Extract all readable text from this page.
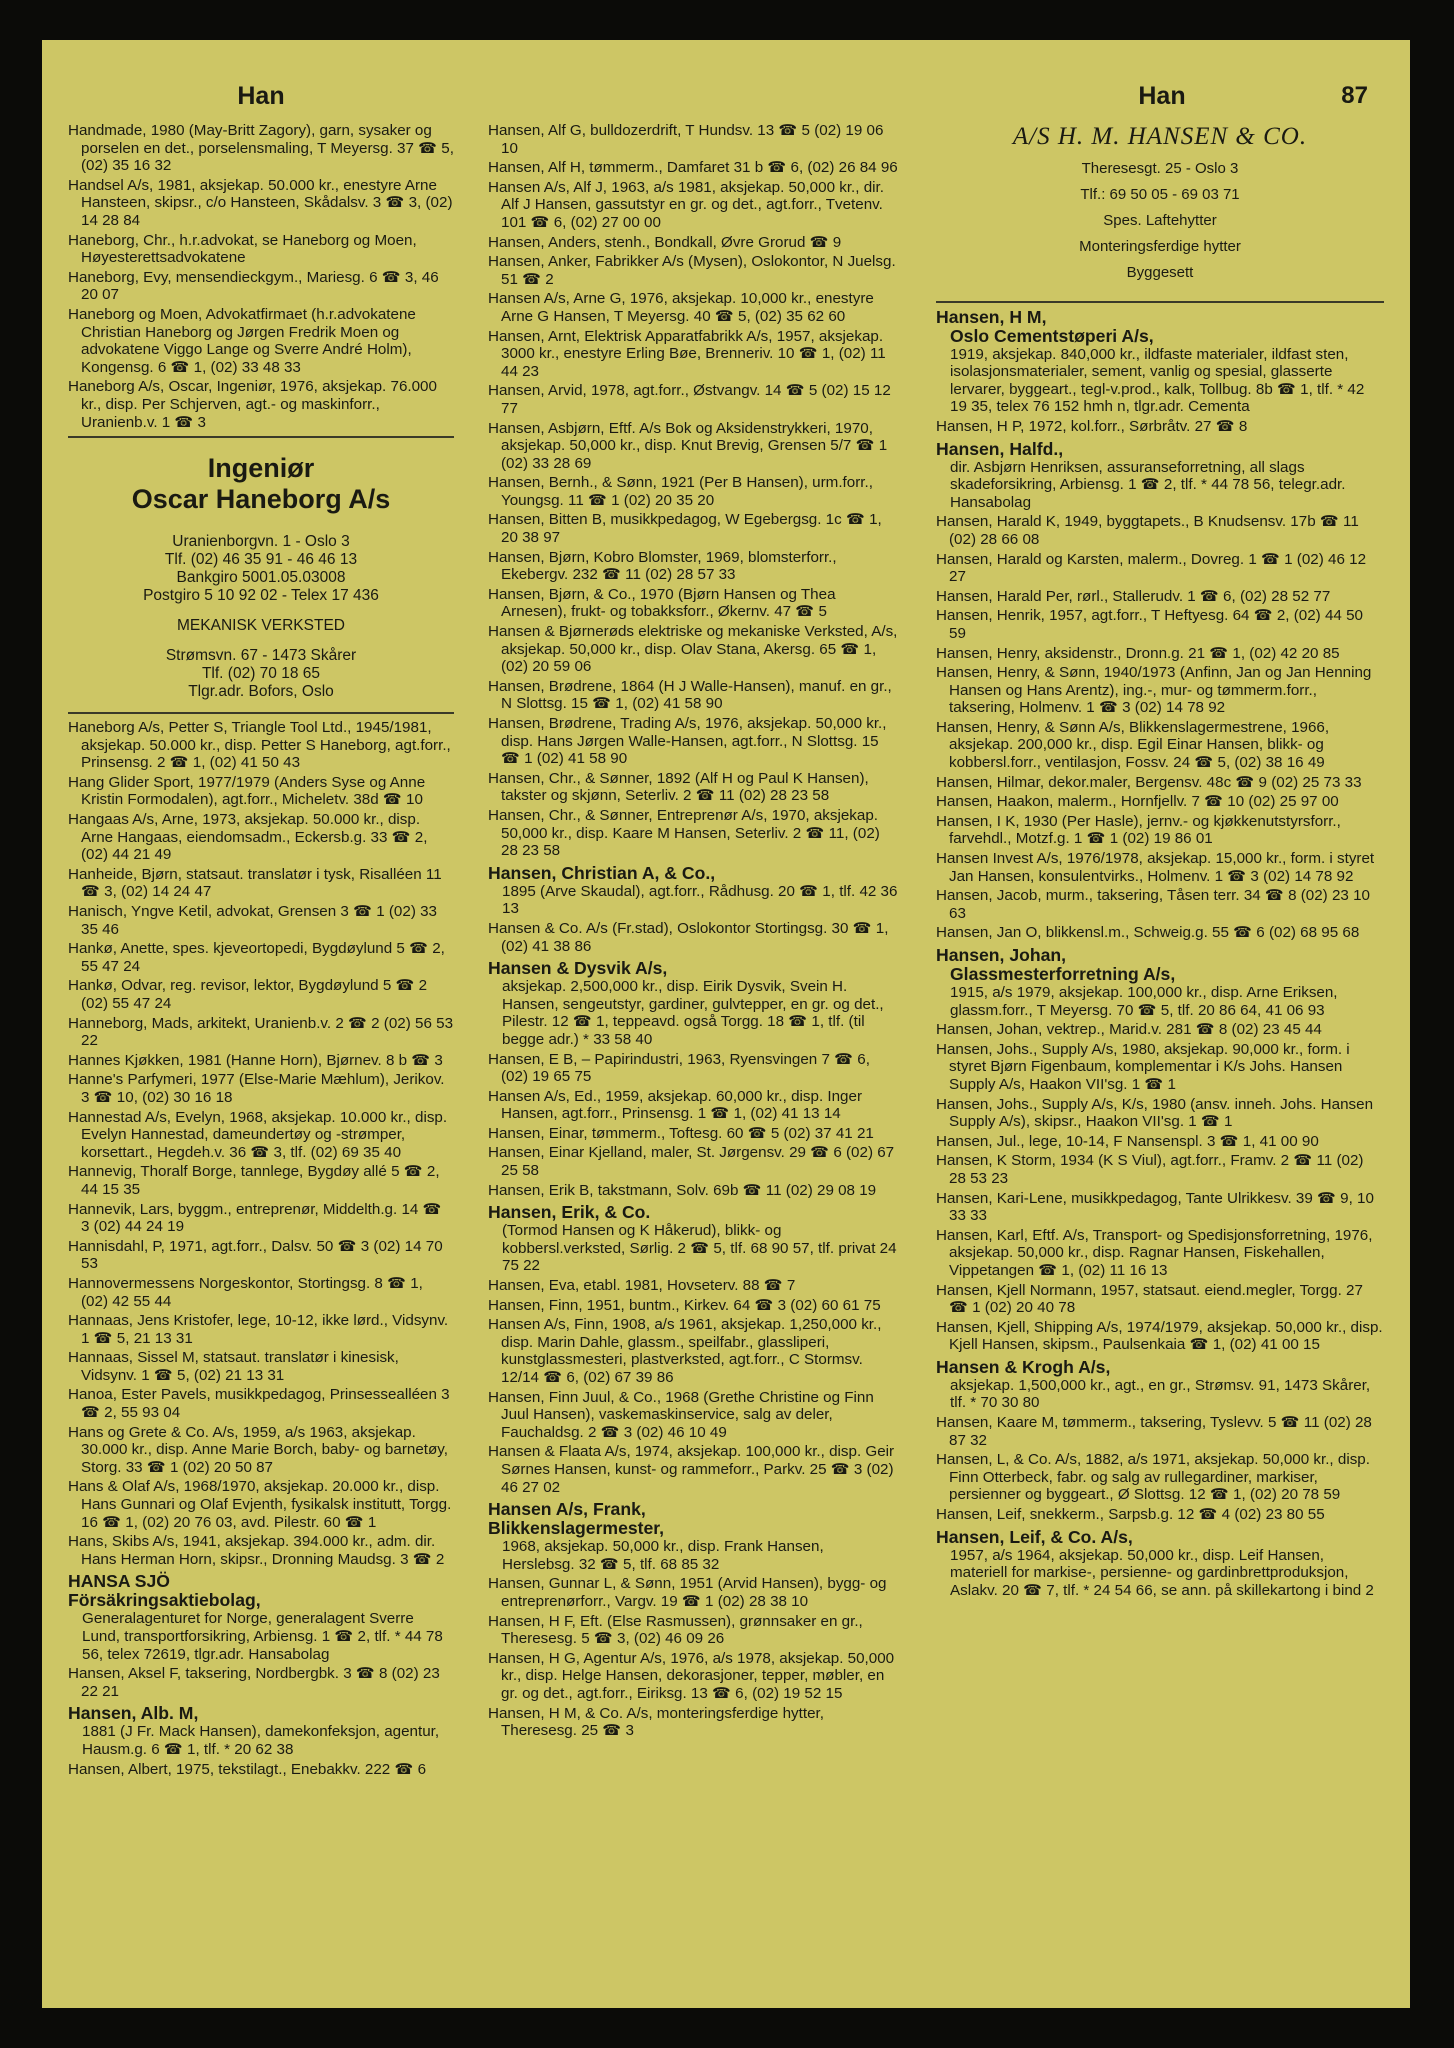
Han	Han	87
Handmade, 1980 (May-Britt Zagory), garn, sysaker og porselen en det., porselensmaling, T Meyersg. 37 ☎ 5, (02) 35 16 32
Handsel A/s, 1981, aksjekap. 50.000 kr., enestyre Arne Hansteen, skipsr., c/o Hansteen, Skådalsv. 3 ☎ 3, (02) 14 28 84
Haneborg, Chr., h.r.advokat, se Haneborg og Moen, Høyesterettsadvokatene
Haneborg, Evy, mensendieckgym., Mariesg. 6 ☎ 3, 46 20 07
Haneborg og Moen, Advokatfirmaet (h.r.advokatene Christian Haneborg og Jørgen Fredrik Moen og advokatene Viggo Lange og Sverre André Holm), Kongensg. 6 ☎ 1, (02) 33 48 33
Haneborg A/s, Oscar, Ingeniør, 1976, aksjekap. 76.000 kr., disp. Per Schjerven, agt.- og maskinforr., Uranienb.v. 1 ☎ 3
Ingeniør
Oscar Haneborg A/s
Uranienborgvn. 1 - Oslo 3
Tlf. (02) 46 35 91 - 46 46 13
Bankgiro 5001.05.03008
Postgiro 5 10 92 02 - Telex 17 436
MEKANISK VERKSTED
Strømsvn. 67 - 1473 Skårer
Tlf. (02) 70 18 65
Tlgr.adr. Bofors, Oslo
Haneborg A/s, Petter S, Triangle Tool Ltd., 1945/1981, aksjekap. 50.000 kr., disp. Petter S Haneborg, agt.forr., Prinsensg. 2 ☎ 1, (02) 41 50 43
Hang Glider Sport, 1977/1979 (Anders Syse og Anne Kristin Formodalen), agt.forr., Micheletv. 38d ☎ 10
Hangaas A/s, Arne, 1973, aksjekap. 50.000 kr., disp. Arne Hangaas, eiendomsadm., Eckersb.g. 33 ☎ 2, (02) 44 21 49
Hanheide, Bjørn, statsaut. translatør i tysk, Risalléen 11 ☎ 3, (02) 14 24 47
Hanisch, Yngve Ketil, advokat, Grensen 3 ☎ 1 (02) 33 35 46
Hankø, Anette, spes. kjeveortopedi, Bygdøylund 5 ☎ 2, 55 47 24
Hankø, Odvar, reg. revisor, lektor, Bygdøylund 5 ☎ 2 (02) 55 47 24
Hanneborg, Mads, arkitekt, Uranienb.v. 2 ☎ 2 (02) 56 53 22
Hannes Kjøkken, 1981 (Hanne Horn), Bjørnev. 8 b ☎ 3
Hanne's Parfymeri, 1977 (Else-Marie Mæhlum), Jerikov. 3 ☎ 10, (02) 30 16 18
Hannestad A/s, Evelyn, 1968, aksjekap. 10.000 kr., disp. Evelyn Hannestad, dameundertøy og -strømper, korsettart., Hegdeh.v. 36 ☎ 3, tlf. (02) 69 35 40
Hannevig, Thoralf Borge, tannlege, Bygdøy allé 5 ☎ 2, 44 15 35
Hannevik, Lars, byggm., entreprenør, Middelth.g. 14 ☎ 3 (02) 44 24 19
Hannisdahl, P, 1971, agt.forr., Dalsv. 50 ☎ 3 (02) 14 70 53
Hannovermessens Norgeskontor, Stortingsg. 8 ☎ 1, (02) 42 55 44
Hannaas, Jens Kristofer, lege, 10-12, ikke lørd., Vidsynv. 1 ☎ 5, 21 13 31
Hannaas, Sissel M, statsaut. translatør i kinesisk, Vidsynv. 1 ☎ 5, (02) 21 13 31
Hanoa, Ester Pavels, musikkpedagog, Prinsessealléen 3 ☎ 2, 55 93 04
Hans og Grete & Co. A/s, 1959, a/s 1963, aksjekap. 30.000 kr., disp. Anne Marie Borch, baby- og barnetøy, Storg. 33 ☎ 1 (02) 20 50 87
Hans & Olaf A/s, 1968/1970, aksjekap. 20.000 kr., disp. Hans Gunnari og Olaf Evjenth, fysikalsk institutt, Torgg. 16 ☎ 1, (02) 20 76 03, avd. Pilestr. 60 ☎ 1
Hans, Skibs A/s, 1941, aksjekap. 394.000 kr., adm. dir. Hans Herman Horn, skipsr., Dronning Maudsg. 3 ☎ 2
HANSA SJÖ
Försäkringsaktiebolag,
Generalagenturet for Norge, generalagent Sverre Lund, transportforsikring, Arbiensg. 1 ☎ 2, tlf. * 44 78 56, telex 72619, tlgr.adr. Hansabolag
Hansen, Aksel F, taksering, Nordbergbk. 3 ☎ 8 (02) 23 22 21
Hansen, Alb. M,
1881 (J Fr. Mack Hansen), damekonfeksjon, agentur, Hausm.g. 6 ☎ 1, tlf. * 20 62 38
Hansen, Albert, 1975, tekstilagt., Enebakkv. 222 ☎ 6
Hansen, Alf G, bulldozerdrift, T Hundsv. 13 ☎ 5 (02) 19 06 10
Hansen, Alf H, tømmerm., Damfaret 31 b ☎ 6, (02) 26 84 96
Hansen A/s, Alf J, 1963, a/s 1981, aksjekap. 50,000 kr., dir. Alf J Hansen, gassutstyr en gr. og det., agt.forr., Tvetenv. 101 ☎ 6, (02) 27 00 00
Hansen, Anders, stenh., Bondkall, Øvre Grorud ☎ 9
Hansen, Anker, Fabrikker A/s (Mysen), Oslokontor, N Juelsg. 51 ☎ 2
Hansen A/s, Arne G, 1976, aksjekap. 10,000 kr., enestyre Arne G Hansen, T Meyersg. 40 ☎ 5, (02) 35 62 60
Hansen, Arnt, Elektrisk Apparatfabrikk A/s, 1957, aksjekap. 3000 kr., enestyre Erling Bøe, Brenneriv. 10 ☎ 1, (02) 11 44 23
Hansen, Arvid, 1978, agt.forr., Østvangv. 14 ☎ 5 (02) 15 12 77
Hansen, Asbjørn, Eftf. A/s Bok og Aksidenstrykkeri, 1970, aksjekap. 50,000 kr., disp. Knut Brevig, Grensen 5/7 ☎ 1 (02) 33 28 69
Hansen, Bernh., & Sønn, 1921 (Per B Hansen), urm.forr., Youngsg. 11 ☎ 1 (02) 20 35 20
Hansen, Bitten B, musikkpedagog, W Egebergsg. 1c ☎ 1, 20 38 97
Hansen, Bjørn, Kobro Blomster, 1969, blomsterforr., Ekebergv. 232 ☎ 11 (02) 28 57 33
Hansen, Bjørn, & Co., 1970 (Bjørn Hansen og Thea Arnesen), frukt- og tobakksforr., Økernv. 47 ☎ 5
Hansen & Bjørnerøds elektriske og mekaniske Verksted, A/s, aksjekap. 50,000 kr., disp. Olav Stana, Akersg. 65 ☎ 1, (02) 20 59 06
Hansen, Brødrene, 1864 (H J Walle-Hansen), manuf. en gr., N Slottsg. 15 ☎ 1, (02) 41 58 90
Hansen, Brødrene, Trading A/s, 1976, aksjekap. 50,000 kr., disp. Hans Jørgen Walle-Hansen, agt.forr., N Slottsg. 15 ☎ 1 (02) 41 58 90
Hansen, Chr., & Sønner, 1892 (Alf H og Paul K Hansen), takster og skjønn, Seterliv. 2 ☎ 11 (02) 28 23 58
Hansen, Chr., & Sønner, Entreprenør A/s, 1970, aksjekap. 50,000 kr., disp. Kaare M Hansen, Seterliv. 2 ☎ 11, (02) 28 23 58
Hansen, Christian A, & Co.,
1895 (Arve Skaudal), agt.forr., Rådhusg. 20 ☎ 1, tlf. 42 36 13
Hansen & Co. A/s (Fr.stad), Oslokontor Stortingsg. 30 ☎ 1, (02) 41 38 86
Hansen & Dysvik A/s,
aksjekap. 2,500,000 kr., disp. Eirik Dysvik, Svein H. Hansen, sengeutstyr, gardiner, gulvtepper, en gr. og det., Pilestr. 12 ☎ 1, teppeavd. også Torgg. 18 ☎ 1, tlf. (til begge adr.) * 33 58 40
Hansen, E B, – Papirindustri, 1963, Ryensvingen 7 ☎ 6, (02) 19 65 75
Hansen A/s, Ed., 1959, aksjekap. 60,000 kr., disp. Inger Hansen, agt.forr., Prinsensg. 1 ☎ 1, (02) 41 13 14
Hansen, Einar, tømmerm., Toftesg. 60 ☎ 5 (02) 37 41 21
Hansen, Einar Kjelland, maler, St. Jørgensv. 29 ☎ 6 (02) 67 25 58
Hansen, Erik B, takstmann, Solv. 69b ☎ 11 (02) 29 08 19
Hansen, Erik, & Co.
(Tormod Hansen og K Håkerud), blikk- og kobbersl.verksted, Sørlig. 2 ☎ 5, tlf. 68 90 57, tlf. privat 24 75 22
Hansen, Eva, etabl. 1981, Hovseterv. 88 ☎ 7
Hansen, Finn, 1951, buntm., Kirkev. 64 ☎ 3 (02) 60 61 75
Hansen A/s, Finn, 1908, a/s 1961, aksjekap. 1,250,000 kr., disp. Marin Dahle, glassm., speilfabr., glassliperi, kunstglassmesteri, plastverksted, agt.forr., C Stormsv. 12/14 ☎ 6, (02) 67 39 86
Hansen, Finn Juul, & Co., 1968 (Grethe Christine og Finn Juul Hansen), vaskemaskinservice, salg av deler, Fauchaldsg. 2 ☎ 3 (02) 46 10 49
Hansen & Flaata A/s, 1974, aksjekap. 100,000 kr., disp. Geir Sørnes Hansen, kunst- og rammeforr., Parkv. 25 ☎ 3 (02) 46 27 02
Hansen A/s, Frank,
Blikkenslagermester,
1968, aksjekap. 50,000 kr., disp. Frank Hansen, Herslebsg. 32 ☎ 5, tlf. 68 85 32
Hansen, Gunnar L, & Sønn, 1951 (Arvid Hansen), bygg- og entreprenørforr., Vargv. 19 ☎ 1 (02) 28 38 10
Hansen, H F, Eft. (Else Rasmussen), grønnsaker en gr., Theresesg. 5 ☎ 3, (02) 46 09 26
Hansen, H G, Agentur A/s, 1976, a/s 1978, aksjekap. 50,000 kr., disp. Helge Hansen, dekorasjoner, tepper, møbler, en gr. og det., agt.forr., Eiriksg. 13 ☎ 6, (02) 19 52 15
Hansen, H M, & Co. A/s, monteringsferdige hytter, Theresesg. 25 ☎ 3
A/S H. M. HANSEN & CO.
Theresesgt. 25 - Oslo 3
Tlf.: 69 50 05 - 69 03 71
Spes. Laftehytter
Monteringsferdige hytter
Byggesett
Hansen, H M,
Oslo Cementstøperi A/s,
1919, aksjekap. 840,000 kr., ildfaste materialer, ildfast sten, isolasjonsmaterialer, sement, vanlig og spesial, glasserte lervarer, byggeart., tegl-v.prod., kalk, Tollbug. 8b ☎ 1, tlf. * 42 19 35, telex 76 152 hmh n, tlgr.adr. Cementa
Hansen, H P, 1972, kol.forr., Sørbråtv. 27 ☎ 8
Hansen, Halfd.,
dir. Asbjørn Henriksen, assuranseforretning, all slags skadeforsikring, Arbiensg. 1 ☎ 2, tlf. * 44 78 56, telegr.adr. Hansabolag
Hansen, Harald K, 1949, byggtapets., B Knudsensv. 17b ☎ 11 (02) 28 66 08
Hansen, Harald og Karsten, malerm., Dovreg. 1 ☎ 1 (02) 46 12 27
Hansen, Harald Per, rørl., Stallerudv. 1 ☎ 6, (02) 28 52 77
Hansen, Henrik, 1957, agt.forr., T Heftyesg. 64 ☎ 2, (02) 44 50 59
Hansen, Henry, aksidenstr., Dronn.g. 21 ☎ 1, (02) 42 20 85
Hansen, Henry, & Sønn, 1940/1973 (Anfinn, Jan og Jan Henning Hansen og Hans Arentz), ing.-, mur- og tømmerm.forr., taksering, Holmenv. 1 ☎ 3 (02) 14 78 92
Hansen, Henry, & Sønn A/s, Blikkenslagermestrene, 1966, aksjekap. 200,000 kr., disp. Egil Einar Hansen, blikk- og kobbersl.forr., ventilasjon, Fossv. 24 ☎ 5, (02) 38 16 49
Hansen, Hilmar, dekor.maler, Bergensv. 48c ☎ 9 (02) 25 73 33
Hansen, Haakon, malerm., Hornfjellv. 7 ☎ 10 (02) 25 97 00
Hansen, I K, 1930 (Per Hasle), jernv.- og kjøkkenutstyrsforr., farvehdl., Motzf.g. 1 ☎ 1 (02) 19 86 01
Hansen Invest A/s, 1976/1978, aksjekap. 15,000 kr., form. i styret Jan Hansen, konsulentvirks., Holmenv. 1 ☎ 3 (02) 14 78 92
Hansen, Jacob, murm., taksering, Tåsen terr. 34 ☎ 8 (02) 23 10 63
Hansen, Jan O, blikkensl.m., Schweig.g. 55 ☎ 6 (02) 68 95 68
Hansen, Johan,
Glassmesterforretning A/s,
1915, a/s 1979, aksjekap. 100,000 kr., disp. Arne Eriksen, glassm.forr., T Meyersg. 70 ☎ 5, tlf. 20 86 64, 41 06 93
Hansen, Johan, vektrep., Marid.v. 281 ☎ 8 (02) 23 45 44
Hansen, Johs., Supply A/s, 1980, aksjekap. 90,000 kr., form. i styret Bjørn Figenbaum, komplementar i K/s Johs. Hansen Supply A/s, Haakon VII'sg. 1 ☎ 1
Hansen, Johs., Supply A/s, K/s, 1980 (ansv. inneh. Johs. Hansen Supply A/s), skipsr., Haakon VII'sg. 1 ☎ 1
Hansen, Jul., lege, 10-14, F Nansenspl. 3 ☎ 1, 41 00 90
Hansen, K Storm, 1934 (K S Viul), agt.forr., Framv. 2 ☎ 11 (02) 28 53 23
Hansen, Kari-Lene, musikkpedagog, Tante Ulrikkesv. 39 ☎ 9, 10 33 33
Hansen, Karl, Eftf. A/s, Transport- og Spedisjonsforretning, 1976, aksjekap. 50,000 kr., disp. Ragnar Hansen, Fiskehallen, Vippetangen ☎ 1, (02) 11 16 13
Hansen, Kjell Normann, 1957, statsaut. eiend.megler, Torgg. 27 ☎ 1 (02) 20 40 78
Hansen, Kjell, Shipping A/s, 1974/1979, aksjekap. 50,000 kr., disp. Kjell Hansen, skipsm., Paulsenkaia ☎ 1, (02) 41 00 15
Hansen & Krogh A/s,
aksjekap. 1,500,000 kr., agt., en gr., Strømsv. 91, 1473 Skårer, tlf. * 70 30 80
Hansen, Kaare M, tømmerm., taksering, Tyslevv. 5 ☎ 11 (02) 28 87 32
Hansen, L, & Co. A/s, 1882, a/s 1971, aksjekap. 50,000 kr., disp. Finn Otterbeck, fabr. og salg av rullegardiner, markiser, persienner og byggeart., Ø Slottsg. 12 ☎ 1, (02) 20 78 59
Hansen, Leif, snekkerm., Sarpsb.g. 12 ☎ 4 (02) 23 80 55
Hansen, Leif, & Co. A/s,
1957, a/s 1964, aksjekap. 50,000 kr., disp. Leif Hansen, materiell for markise-, persienne- og gardinbrettproduksjon, Aslakv. 20 ☎ 7, tlf. * 24 54 66, se ann. på skillekartong i bind 2
